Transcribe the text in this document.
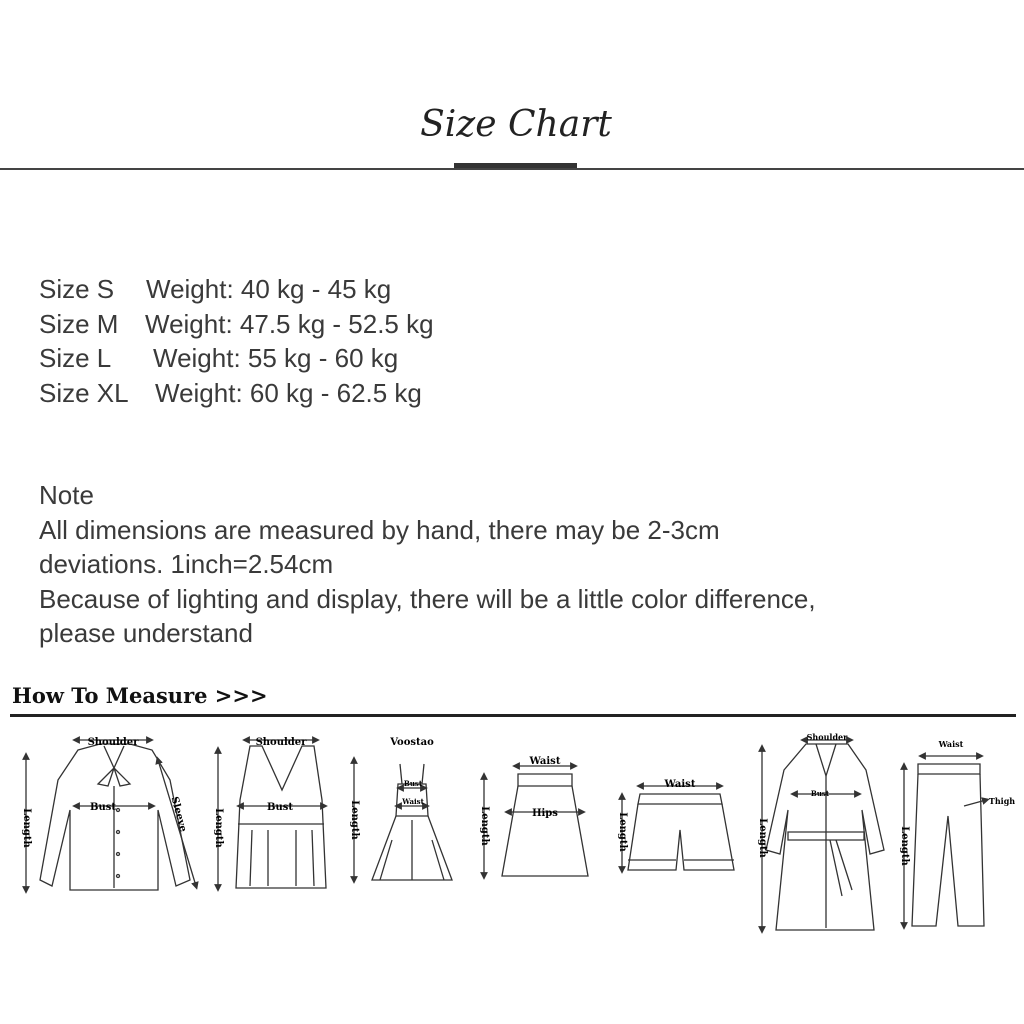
Size Chart
Size S Weight: 40 kg - 45 kg
Size M Weight: 47.5 kg - 52.5 kg
Size L Weight: 55 kg - 60 kg
Size XL Weight: 60 kg - 62.5 kg
Note
All dimensions are measured by hand, there may be 2-3cm
deviations. 1inch=2.54cm
Because of lighting and display, there will be a little color difference,
please understand
How To Measure >>>
Shoulder
Bust
Length	Sleeve
Shoulder
Bust
Length
Voostao
Bust
Waist
Length
Waist
Hips
Length
Waist
Length
Shoulder
Bust
Length
Waist
Thigh
Length
